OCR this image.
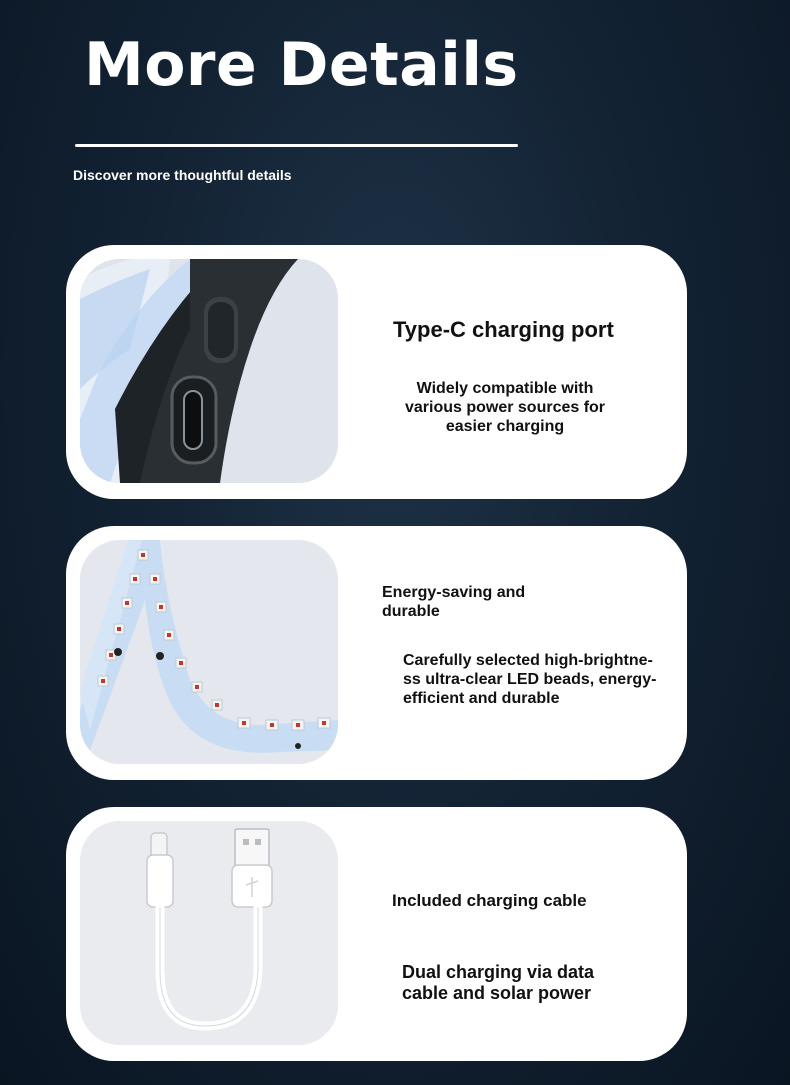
More Details

Discover more thoughtful details

Type-C charging port

Widely compatible with various power sources for easier charging

Energy-saving and durable

Carefully selected high-brightne-ss ultra-clear LED beads, energy-efficient and durable

Included charging cable

Dual charging via data cable and solar power
